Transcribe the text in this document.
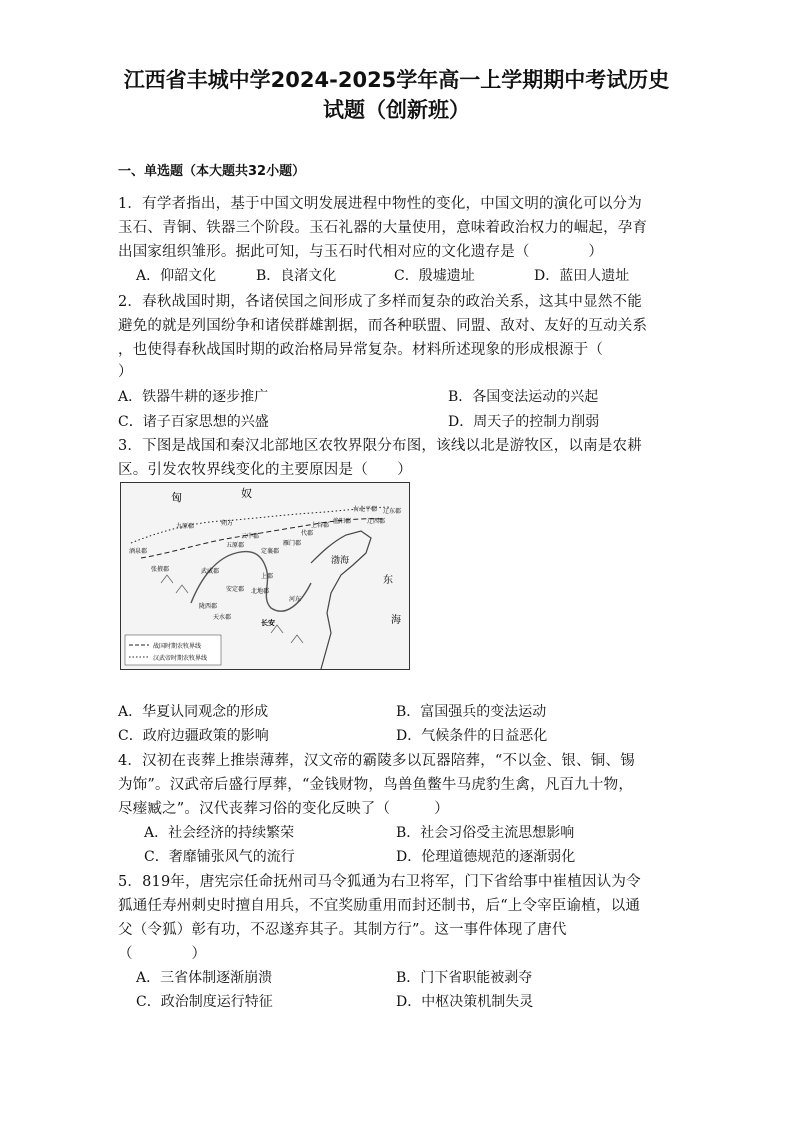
江西省丰城中学2024-2025学年高一上学期期中考试历史
试题（创新班）
一、单选题（本大题共32小题）
1．有学者指出，基于中国文明发展进程中物性的变化，中国文明的演化可以分为
玉石、青铜、铁器三个阶段。玉石礼器的大量使用，意味着政治权力的崛起，孕育
出国家组织雏形。据此可知，与玉石时代相对应的文化遗存是（　　　　）
A．仰韶文化	B．良渚文化	C．殷墟遗址	D．蓝田人遗址
2．春秋战国时期，各诸侯国之间形成了多样而复杂的政治关系，这其中显然不能
避免的就是列国纷争和诸侯群雄割据，而各种联盟、同盟、敌对、友好的互动关系
，也使得春秋战国时期的政治格局异常复杂。材料所述现象的形成根源于（
）
A．铁器牛耕的逐步推广	B．各国变法运动的兴起
C．诸子百家思想的兴盛	D．周天子的控制力削弱
3．下图是战国和秦汉北部地区农牧界限分布图，该线以北是游牧区，以南是农耕
区。引发农牧界线变化的主要原因是（　　）
战国时期农牧界线
汉武帝时期农牧界线
匈	奴
九原郡
云中郡
雁门郡
代郡
上谷郡
渔阳郡
右北平郡
辽西郡
辽东郡
朔方
五原郡
定襄郡
酒泉郡
张掖郡	武威郡
安定郡 北地郡
上郡
陇西郡
天水郡
长安
河东
渤海
东
海
A．华夏认同观念的形成	B．富国强兵的变法运动
C．政府边疆政策的影响	D．气候条件的日益恶化
4．汉初在丧葬上推崇薄葬，汉文帝的霸陵多以瓦器陪葬，“不以金、银、铜、锡
为饰”。汉武帝后盛行厚葬，“金钱财物，鸟兽鱼鳖牛马虎豹生禽，凡百九十物，
尽瘗臧之”。汉代丧葬习俗的变化反映了（　　　）
A．社会经济的持续繁荣	B．社会习俗受主流思想影响
C．奢靡铺张风气的流行	D．伦理道德规范的逐渐弱化
5．819年，唐宪宗任命抚州司马令狐通为右卫将军，门下省给事中崔植因认为令
狐通任寿州刺史时擅自用兵，不宜奖励重用而封还制书，后“上令宰臣谕植，以通
父（令狐）彰有功，不忍遂弃其子。其制方行”。这一事件体现了唐代
（　　　　）
A．三省体制逐渐崩溃	B．门下省职能被剥夺
C．政治制度运行特征	D．中枢决策机制失灵
